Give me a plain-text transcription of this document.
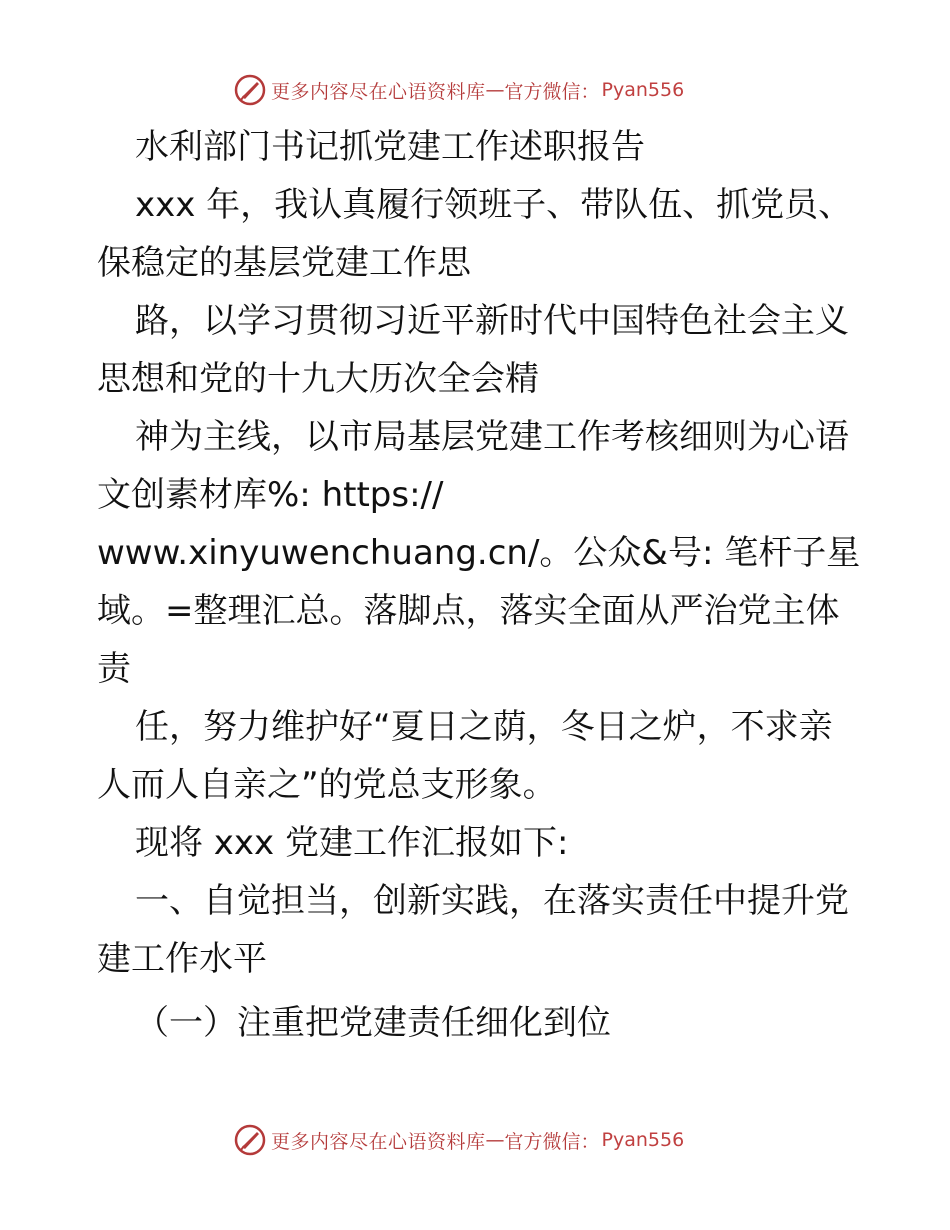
更多内容尽在心语资料库 — 官方微信： Pyan556
水利部门书记抓党建工作述职报告
xxx 年，我认真履行领班子、带队伍、抓党员、
保稳定的基层党建工作思
路，以学习贯彻习近平新时代中国特色社会主义
思想和党的十九大历次全会精
神为主线，以市局基层党建工作考核细则为心语
文创素材库%: https://
www.xinyuwenchuang.cn/。公众&号: 笔杆子星
域。=整理汇总。落脚点，落实全面从严治党主体
责
任，努力维护好“夏日之荫，冬日之炉，不求亲
人而人自亲之”的党总支形象。
现将 xxx 党建工作汇报如下:
一、自觉担当，创新实践，在落实责任中提升党
建工作水平
（一）注重把党建责任细化到位
更多内容尽在心语资料库 — 官方微信： Pyan556
